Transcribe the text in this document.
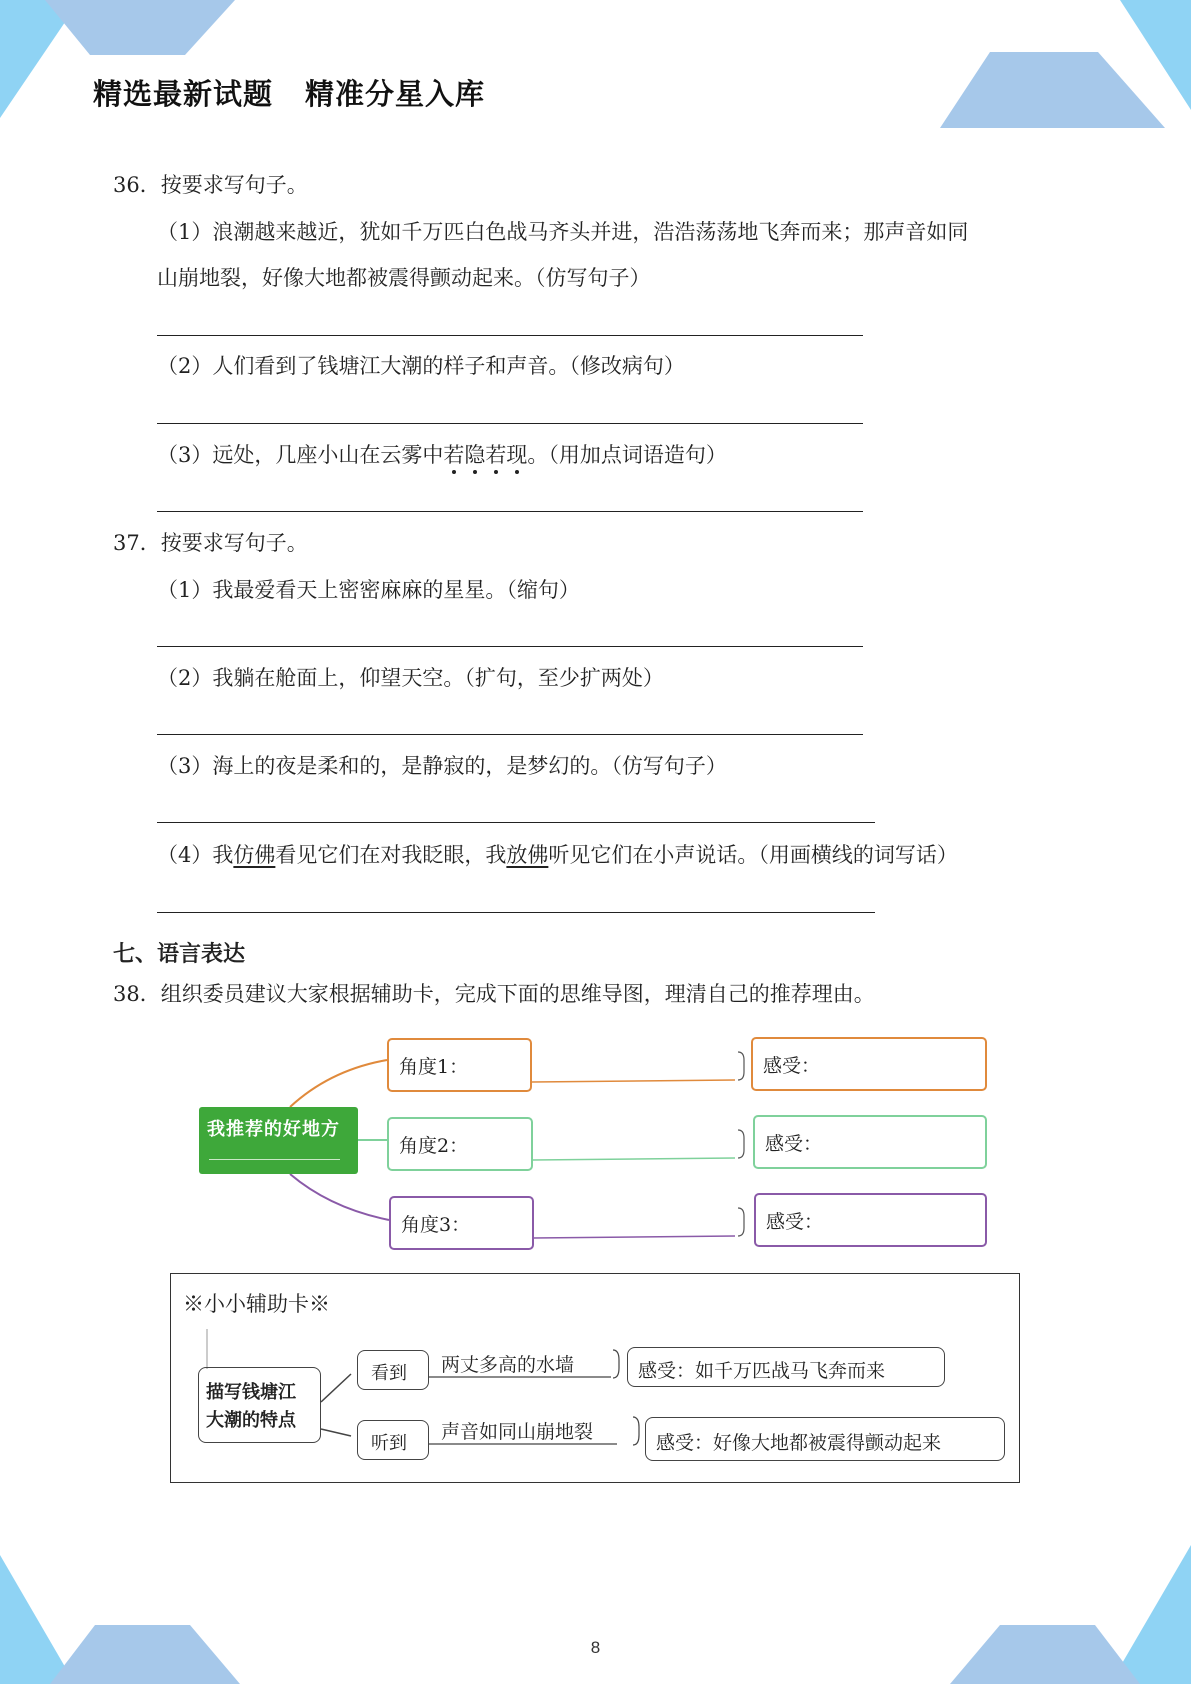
精选最新试题 精准分星入库
36．按要求写句子。
（1）浪潮越来越近，犹如千万匹白色战马齐头并进，浩浩荡荡地飞奔而来；那声音如同
山崩地裂，好像大地都被震得颤动起来。（仿写句子）
（2）人们看到了钱塘江大潮的样子和声音。（修改病句）
（3）远处，几座小山在云雾中若隐若现。（用加点词语造句）
37．按要求写句子。
（1）我最爱看天上密密麻麻的星星。（缩句）
（2）我躺在舱面上，仰望天空。（扩句，至少扩两处）
（3）海上的夜是柔和的，是静寂的，是梦幻的。（仿写句子）
（4）我仿佛看见它们在对我眨眼，我放佛听见它们在小声说话。（用画横线的词写话）
七、语言表达
38．组织委员建议大家根据辅助卡，完成下面的思维导图，理清自己的推荐理由。
我推荐的好地方
角度1：
角度2：
角度3：
感受：
感受：
感受：
※小小辅助卡※
描写钱塘江
大潮的特点
看到 两丈多高的水墙	感受：如千万匹战马飞奔而来
听到
声音如同山崩地裂	感受：好像大地都被震得颤动起来
8
